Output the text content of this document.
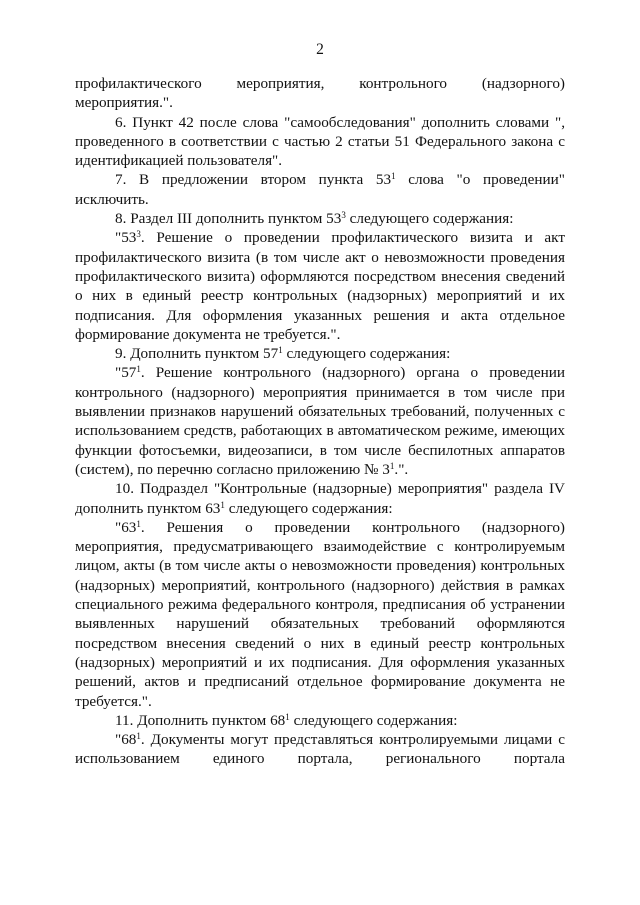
2

профилактического мероприятия, контрольного (надзорного) мероприятия.".

6. Пункт 42 после слова "самообследования" дополнить словами ", проведенного в соответствии с частью 2 статьи 51 Федерального закона с идентификацией пользователя".

7. В предложении втором пункта $53^1$ слова "о проведении" исключить.

8. Раздел III дополнить пунктом $53^3$ следующего содержания:

"$53^3$. Решение о проведении профилактического визита и акт профилактического визита (в том числе акт о невозможности проведения профилактического визита) оформляются посредством внесения сведений о них в единый реестр контрольных (надзорных) мероприятий и их подписания. Для оформления указанных решения и акта отдельное формирование документа не требуется.".

9. Дополнить пунктом $57^1$ следующего содержания:

"$57^1$. Решение контрольного (надзорного) органа о проведении контрольного (надзорного) мероприятия принимается в том числе при выявлении признаков нарушений обязательных требований, полученных с использованием средств, работающих в автоматическом режиме, имеющих функции фотосъемки, видеозаписи, в том числе беспилотных аппаратов (систем), по перечню согласно приложению № $3^1$.".

10. Подраздел "Контрольные (надзорные) мероприятия" раздела IV дополнить пунктом $63^1$ следующего содержания:

"$63^1$. Решения о проведении контрольного (надзорного) мероприятия, предусматривающего взаимодействие с контролируемым лицом, акты (в том числе акты о невозможности проведения) контрольных (надзорных) мероприятий, контрольного (надзорного) действия в рамках специального режима федерального контроля, предписания об устранении выявленных нарушений обязательных требований оформляются посредством внесения сведений о них в единый реестр контрольных (надзорных) мероприятий и их подписания. Для оформления указанных решений, актов и предписаний отдельное формирование документа не требуется.".

11. Дополнить пунктом $68^1$ следующего содержания:

"$68^1$. Документы могут представляться контролируемыми лицами с использованием единого портала, регионального портала
